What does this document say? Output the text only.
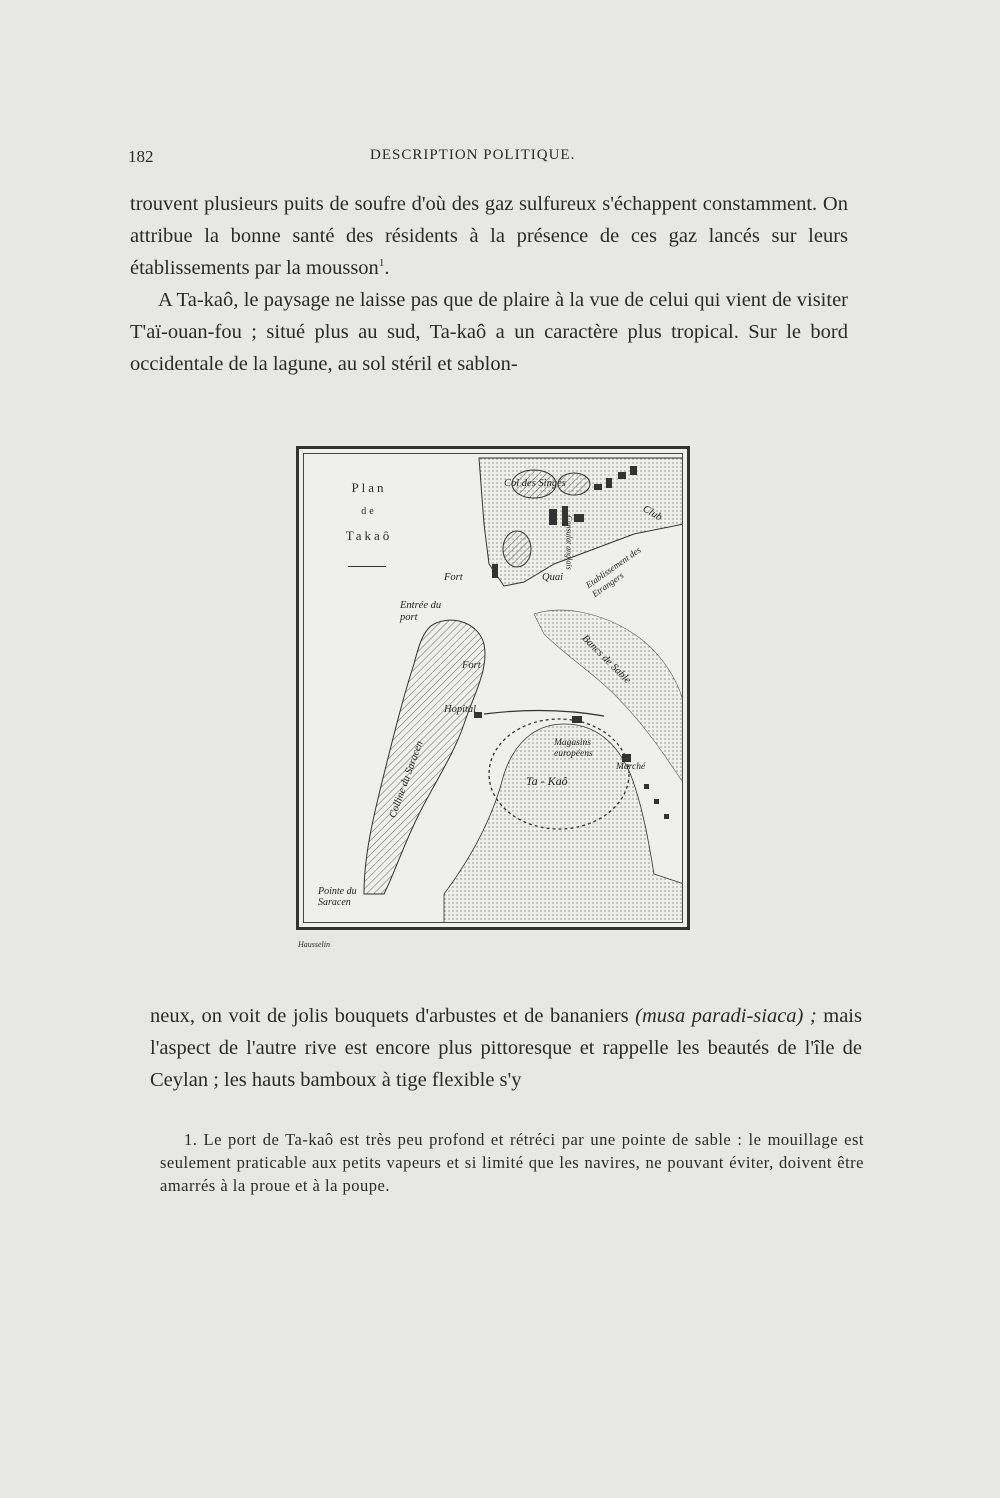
182	DESCRIPTION POLITIQUE.

trouvent plusieurs puits de soufre d'où des gaz sulfureux s'échappent constamment. On attribue la bonne santé des résidents à la présence de ces gaz lancés sur leurs établissements par la mousson$^1$.

A Ta-kaô, le paysage ne laisse pas que de plaire à la vue de celui qui vient de visiter T'aï-ouan-fou ; situé plus au sud, Ta-kaô a un caractère plus tropical. Sur le bord occidentale de la lagune, au sol stéril et sablon-

Plan
de
Takaô
Col des Singes
Club
Fort
Consulat anglais
Quai Etablissement des Etrangers
Entrée du port
Fort	Bancs de Sable
Hopital
Magasins européens
Marché
Ta - Kaô
Colline du Saracen
Pointe du Saracen
Hausselin

neux, on voit de jolis bouquets d'arbustes et de bananiers (musa paradi-siaca) ; mais l'aspect de l'autre rive est encore plus pittoresque et rappelle les beautés de l'île de Ceylan ; les hauts bamboux à tige flexible s'y

1. Le port de Ta-kaô est très peu profond et rétréci par une pointe de sable : le mouillage est seulement praticable aux petits vapeurs et si limité que les navires, ne pouvant éviter, doivent être amarrés à la proue et à la poupe.
